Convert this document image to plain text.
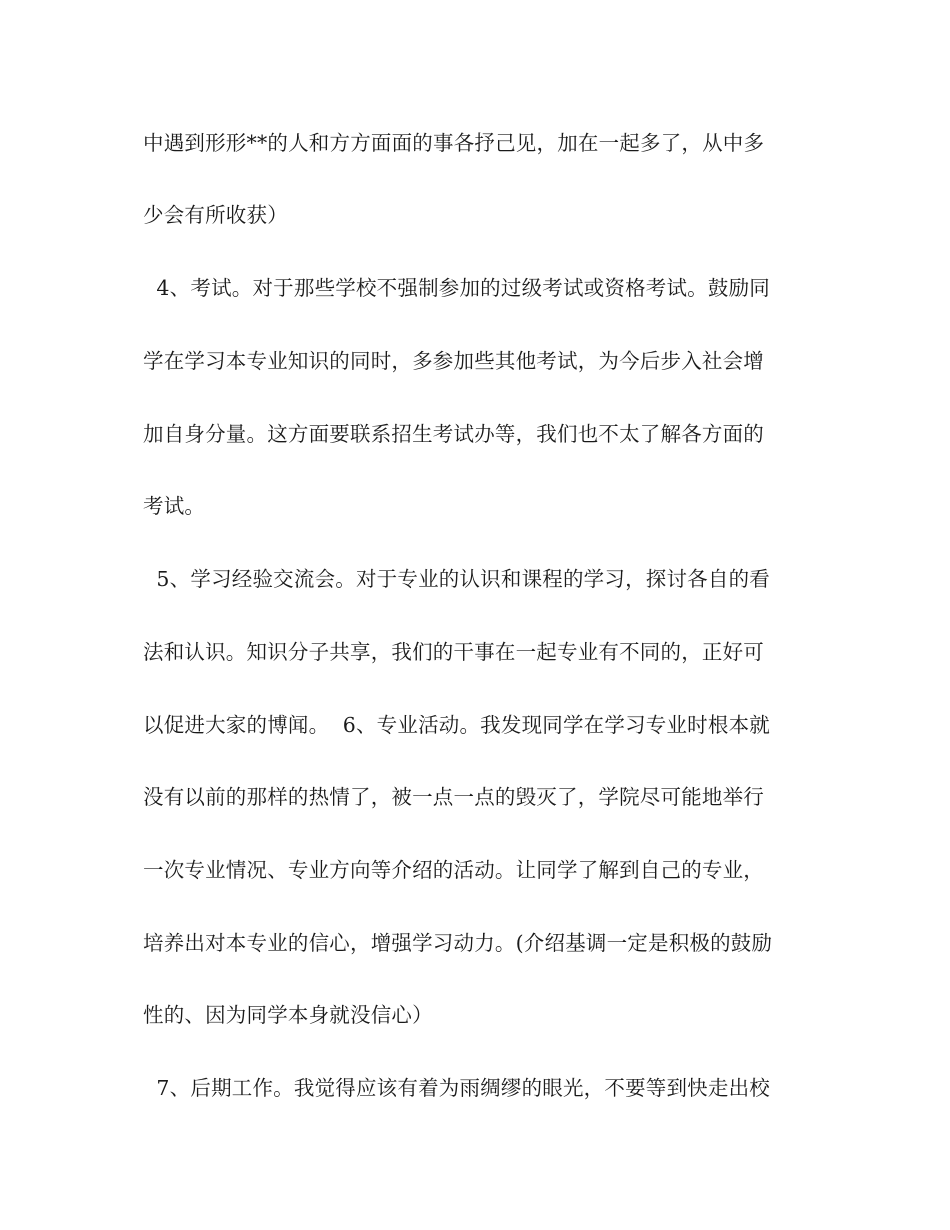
中遇到形形**的人和方方面面的事各抒己见，加在一起多了，从中多
少会有所收获）
4、考试。对于那些学校不强制参加的过级考试或资格考试。鼓励同
学在学习本专业知识的同时，多参加些其他考试，为今后步入社会增
加自身分量。这方面要联系招生考试办等，我们也不太了解各方面的
考试。
5、学习经验交流会。对于专业的认识和课程的学习，探讨各自的看
法和认识。知识分子共享，我们的干事在一起专业有不同的，正好可
以促进大家的博闻。  6、专业活动。我发现同学在学习专业时根本就
没有以前的那样的热情了，被一点一点的毁灭了，学院尽可能地举行
一次专业情况、专业方向等介绍的活动。让同学了解到自己的专业，
培养出对本专业的信心，增强学习动力。(介绍基调一定是积极的鼓励
性的、因为同学本身就没信心）
7、后期工作。我觉得应该有着为雨绸缪的眼光，不要等到快走出校
